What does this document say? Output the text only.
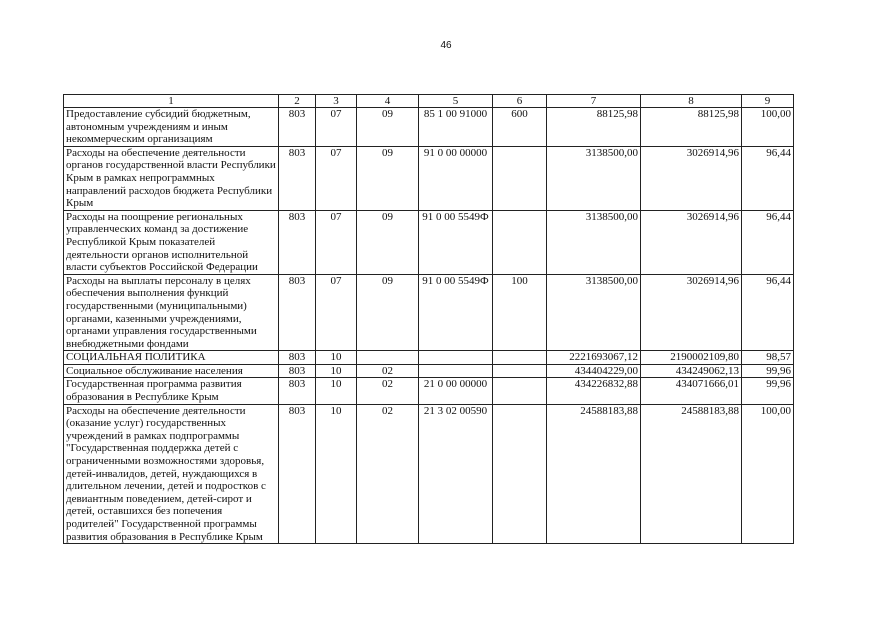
46
1	2	3	4	5	6	7	8	9
Предоставление субсидий бюджетным, автономным учреждениям и иным некоммерческим организациям	803	07	09	85 1 00 91000	600	88125,98	88125,98	100,00
Расходы на обеспечение деятельности органов государственной власти Республики Крым в рамках непрограммных направлений расходов бюджета Республики Крым	803	07	09	91 0 00 00000		3138500,00	3026914,96	96,44
Расходы на поощрение региональных управленческих команд за достижение Республикой Крым показателей деятельности органов исполнительной власти субъектов Российской Федерации	803	07	09	91 0 00 5549Ф		3138500,00	3026914,96	96,44
Расходы на выплаты персоналу в целях обеспечения выполнения функций государственными (муниципальными) органами, казенными учреждениями, органами управления государственными внебюджетными фондами	803	07	09	91 0 00 5549Ф	100	3138500,00	3026914,96	96,44
СОЦИАЛЬНАЯ ПОЛИТИКА	803	10				2221693067,12	2190002109,80	98,57
Социальное обслуживание населения	803	10	02			434404229,00	434249062,13	99,96
Государственная программа развития образования в Республике Крым	803	10	02	21 0 00 00000		434226832,88	434071666,01	99,96
Расходы на обеспечение деятельности (оказание услуг) государственных учреждений в рамках подпрограммы "Государственная поддержка детей с ограниченными возможностями здоровья, детей-инвалидов, детей, нуждающихся в длительном лечении, детей и подростков с девиантным поведением, детей-сирот и детей, оставшихся без попечения родителей" Государственной программы развития образования в Республике Крым	803	10	02	21 3 02 00590		24588183,88	24588183,88	100,00
